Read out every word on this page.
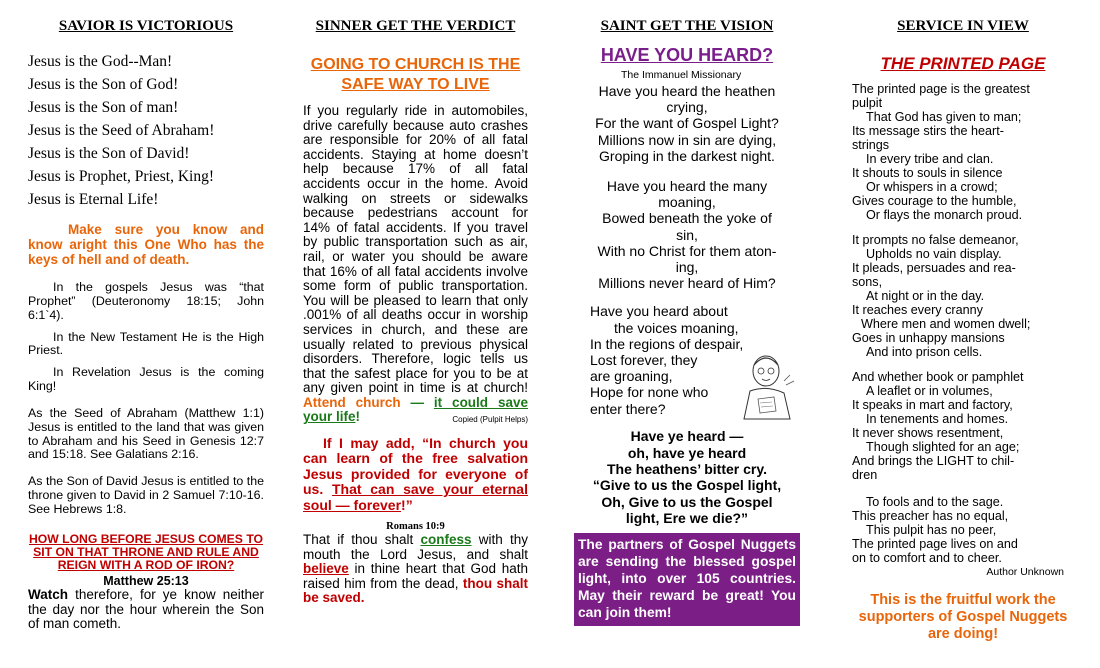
SAVIOR IS VICTORIOUS
Jesus is the God--Man!
Jesus is the Son of God!
Jesus is the Son of man!
Jesus is the Seed of Abraham!
Jesus is the Son of David!
Jesus is Prophet, Priest, King!
Jesus is Eternal Life!

Make sure you know and know aright this One Who has the keys of hell and of death.

In the gospels Jesus was “that Prophet” (Deuteronomy 18:15; John 6:1`4).

In the New Testament He is the High Priest.

In Revelation Jesus is the coming King!

As the Seed of Abraham (Matthew 1:1) Jesus is entitled to the land that was given to Abraham and his Seed in Genesis 12:7 and 15:18. See Galatians 2:16.

As the Son of David Jesus is entitled to the throne given to David in 2 Samuel 7:10-16. See Hebrews 1:8.

HOW LONG BEFORE JESUS COMES TO SIT ON THAT THRONE AND RULE AND REIGN WITH A ROD OF IRON?

Matthew 25:13

Watch therefore, for ye know neither the day nor the hour wherein the Son of man cometh.

SINNER GET THE VERDICT

GOING TO CHURCH IS THE SAFE WAY TO LIVE

If you regularly ride in automobiles, drive carefully because auto crashes are responsible for 20% of all fatal accidents. Staying at home doesn’t help because 17% of all fatal accidents occur in the home. Avoid walking on streets or sidewalks because pedestrians account for 14% of fatal accidents. If you travel by public transportation such as air, rail, or water you should be aware that 16% of all fatal accidents involve some form of public transportation. You will be pleased to learn that only .001% of all deaths occur in worship services in church, and these are usually related to previous physical disorders. Therefore, logic tells us that the safest place for you to be at any given point in time is at church! Attend church — it could save your life!	Copied (Pulpit Helps)

If I may add, “In church you can learn of the free salvation Jesus provided for everyone of us. That can save your eternal soul — forever!”

Romans 10:9

That if thou shalt confess with thy mouth the Lord Jesus, and shalt believe in thine heart that God hath raised him from the dead, thou shalt be saved.

SAINT GET THE VISION

HAVE YOU HEARD?

The Immanuel Missionary

Have you heard the heathen
crying,
For the want of Gospel Light?
Millions now in sin are dying,
Groping in the darkest night.
Have you heard the many
moaning,
Bowed beneath the yoke of
sin,
With no Christ for them aton-
ing,
Millions never heard of Him?
Have you heard about
the voices moaning,
In the regions of despair,
Lost forever, they
are groaning,
Hope for none who
enter there?
Have ye heard —
oh, have ye heard
The heathens’ bitter cry.
“Give to us the Gospel light,
Oh, Give to us the Gospel
light, Ere we die?”

The partners of Gospel Nuggets are sending the blessed gospel light, into over 105 countries. May their reward be great! You can join them!

SERVICE IN VIEW

THE PRINTED PAGE

The printed page is the greatest
pulpit
That God has given to man;
Its message stirs the heart-
strings
In every tribe and clan.
It shouts to souls in silence
Or whispers in a crowd;
Gives courage to the humble,
Or flays the monarch proud.
It prompts no false demeanor,
Upholds no vain display.
It pleads, persuades and rea-
sons,
At night or in the day.
It reaches every cranny
Where men and women dwell;
Goes in unhappy mansions
And into prison cells.
And whether book or pamphlet
A leaflet or in volumes,
It speaks in mart and factory,
In tenements and homes.
It never shows resentment,
Though slighted for an age;
And brings the LIGHT to chil-
dren
To fools and to the sage.
This preacher has no equal,
This pulpit has no peer,
The printed page lives on and
on to comfort and to cheer.

Author Unknown

This is the fruitful work the supporters of Gospel Nuggets are doing!
